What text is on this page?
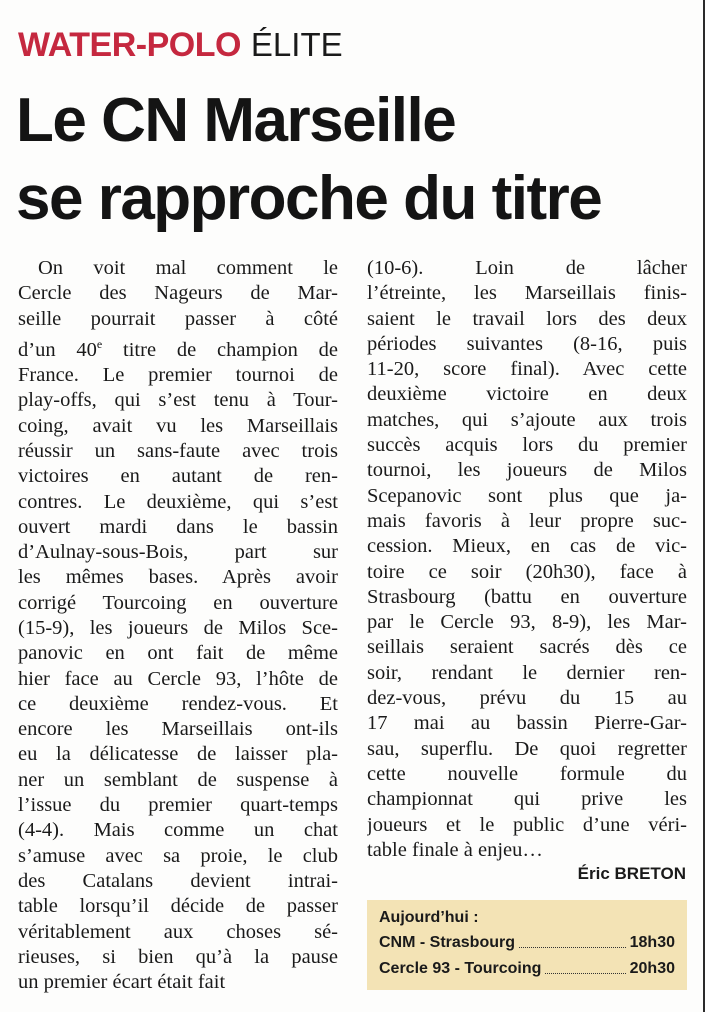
WATER-POLO ÉLITE
Le CN Marseille
se rapproche du titre
On voit mal comment le
Cercle des Nageurs de Mar-
seille pourrait passer à côté
d’un 40e titre de champion de
France. Le premier tournoi de
play-offs, qui s’est tenu à Tour-
coing, avait vu les Marseillais
réussir un sans-faute avec trois
victoires en autant de ren-
contres. Le deuxième, qui s’est
ouvert mardi dans le bassin
d’Aulnay-sous-Bois, part sur
les mêmes bases. Après avoir
corrigé Tourcoing en ouverture
(15-9), les joueurs de Milos Sce-
panovic en ont fait de même
hier face au Cercle 93, l’hôte de
ce deuxième rendez-vous. Et
encore les Marseillais ont-ils
eu la délicatesse de laisser pla-
ner un semblant de suspense à
l’issue du premier quart-temps
(4-4). Mais comme un chat
s’amuse avec sa proie, le club
des Catalans devient intrai-
table lorsqu’il décide de passer
véritablement aux choses sé-
rieuses, si bien qu’à la pause
un premier écart était fait
(10-6). Loin de lâcher
l’étreinte, les Marseillais finis-
saient le travail lors des deux
périodes suivantes (8-16, puis
11-20, score final). Avec cette
deuxième victoire en deux
matches, qui s’ajoute aux trois
succès acquis lors du premier
tournoi, les joueurs de Milos
Scepanovic sont plus que ja-
mais favoris à leur propre suc-
cession. Mieux, en cas de vic-
toire ce soir (20h30), face à
Strasbourg (battu en ouverture
par le Cercle 93, 8-9), les Mar-
seillais seraient sacrés dès ce
soir, rendant le dernier ren-
dez-vous, prévu du 15 au
17 mai au bassin Pierre-Gar-
sau, superflu. De quoi regretter
cette nouvelle formule du
championnat qui prive les
joueurs et le public d’une véri-
table finale à enjeu…
Éric BRETON
Aujourd’hui :
CNM - Strasbourg	18h30
Cercle 93 - Tourcoing	20h30
